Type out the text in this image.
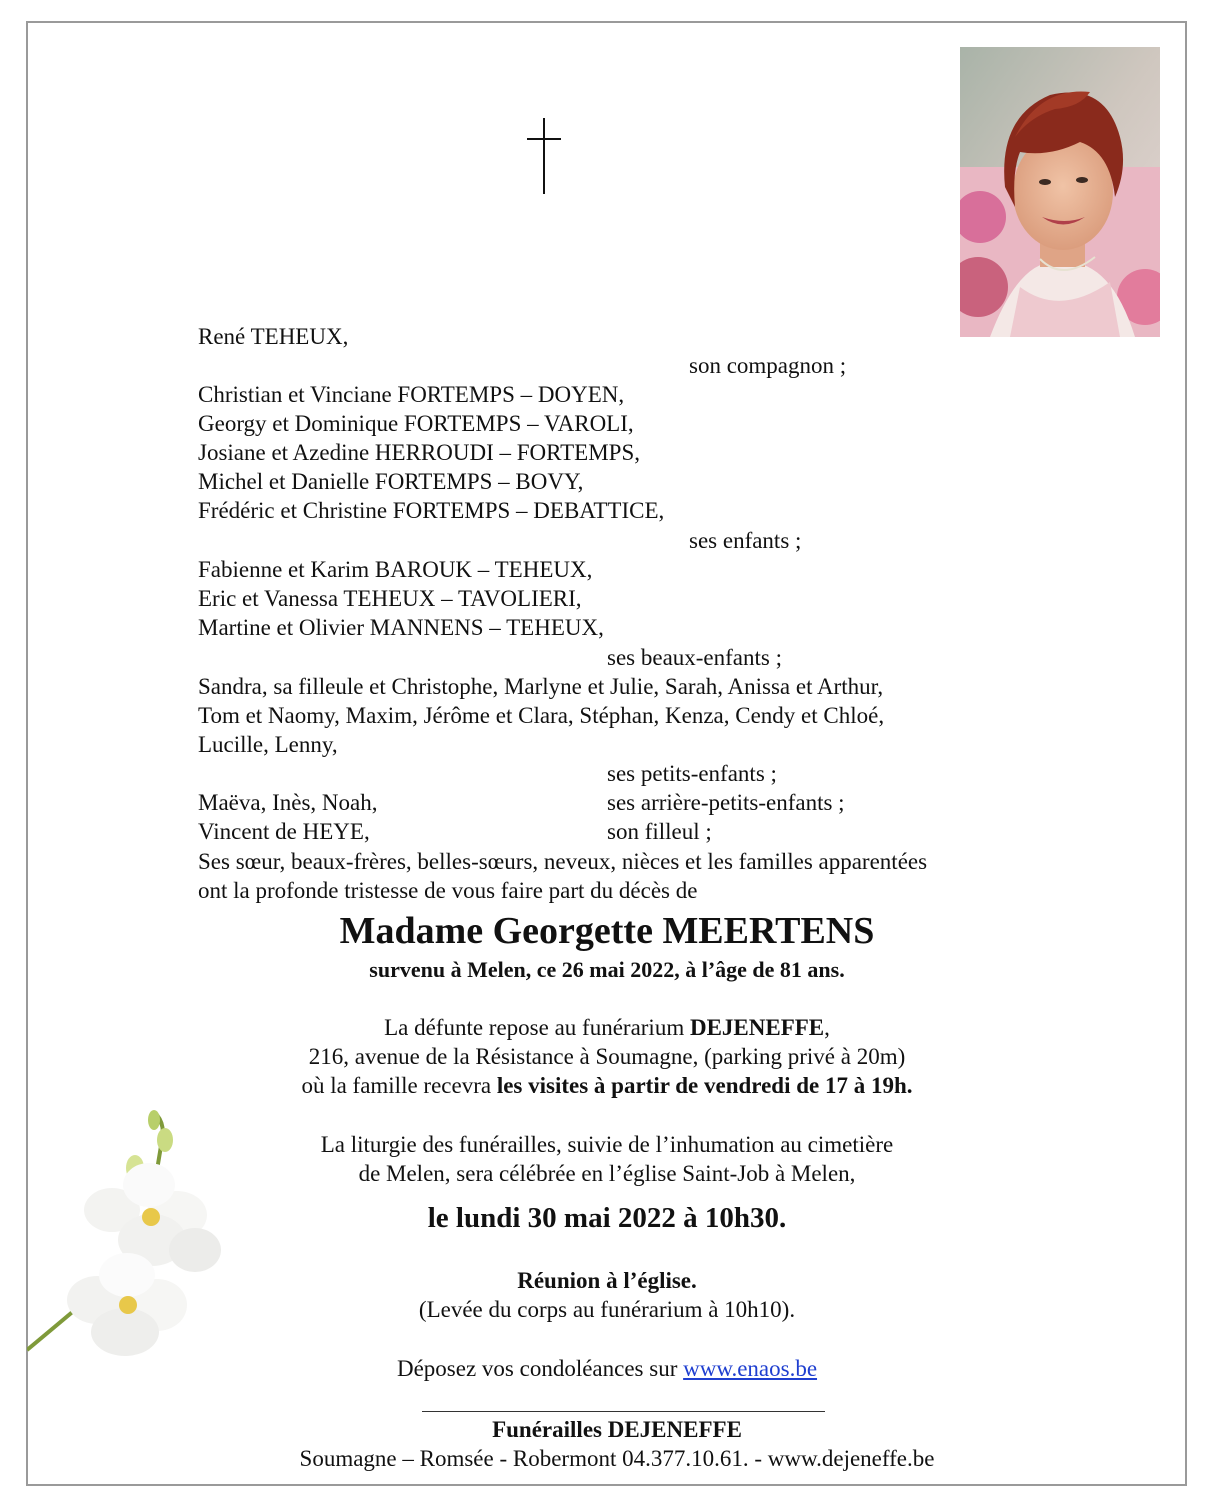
René TEHEUX,
son compagnon ;
Christian et Vinciane FORTEMPS – DOYEN,
Georgy et Dominique FORTEMPS – VAROLI,
Josiane et Azedine HERROUDI – FORTEMPS,
Michel et Danielle FORTEMPS – BOVY,
Frédéric et Christine FORTEMPS – DEBATTICE,
ses enfants ;
Fabienne et Karim BAROUK – TEHEUX,
Eric et Vanessa TEHEUX – TAVOLIERI,
Martine et Olivier MANNENS – TEHEUX,
ses beaux-enfants ;
Sandra, sa filleule et Christophe, Marlyne et Julie, Sarah, Anissa et Arthur,
Tom et Naomy, Maxim, Jérôme et Clara, Stéphan, Kenza, Cendy et Chloé,
Lucille, Lenny,
ses petits-enfants ;
Maëva, Inès, Noah,	ses arrière-petits-enfants ;
Vincent de HEYE,	son filleul ;
Ses sœur, beaux-frères, belles-sœurs, neveux, nièces et les familles apparentées
ont la profonde tristesse de vous faire part du décès de
Madame Georgette MEERTENS
survenu à Melen, ce 26 mai 2022, à l’âge de 81 ans.
La défunte repose au funérarium DEJENEFFE,
216, avenue de la Résistance à Soumagne, (parking privé à 20m)
où la famille recevra les visites à partir de vendredi de 17 à 19h.
La liturgie des funérailles, suivie de l’inhumation au cimetière
de Melen, sera célébrée en l’église Saint-Job à Melen,
le lundi 30 mai 2022 à 10h30.
Réunion à l’église.
(Levée du corps au funérarium à 10h10).
Déposez vos condoléances sur www.enaos.be
Funérailles DEJENEFFE
Soumagne – Romsée - Robermont 04.377.10.61. - www.dejeneffe.be
